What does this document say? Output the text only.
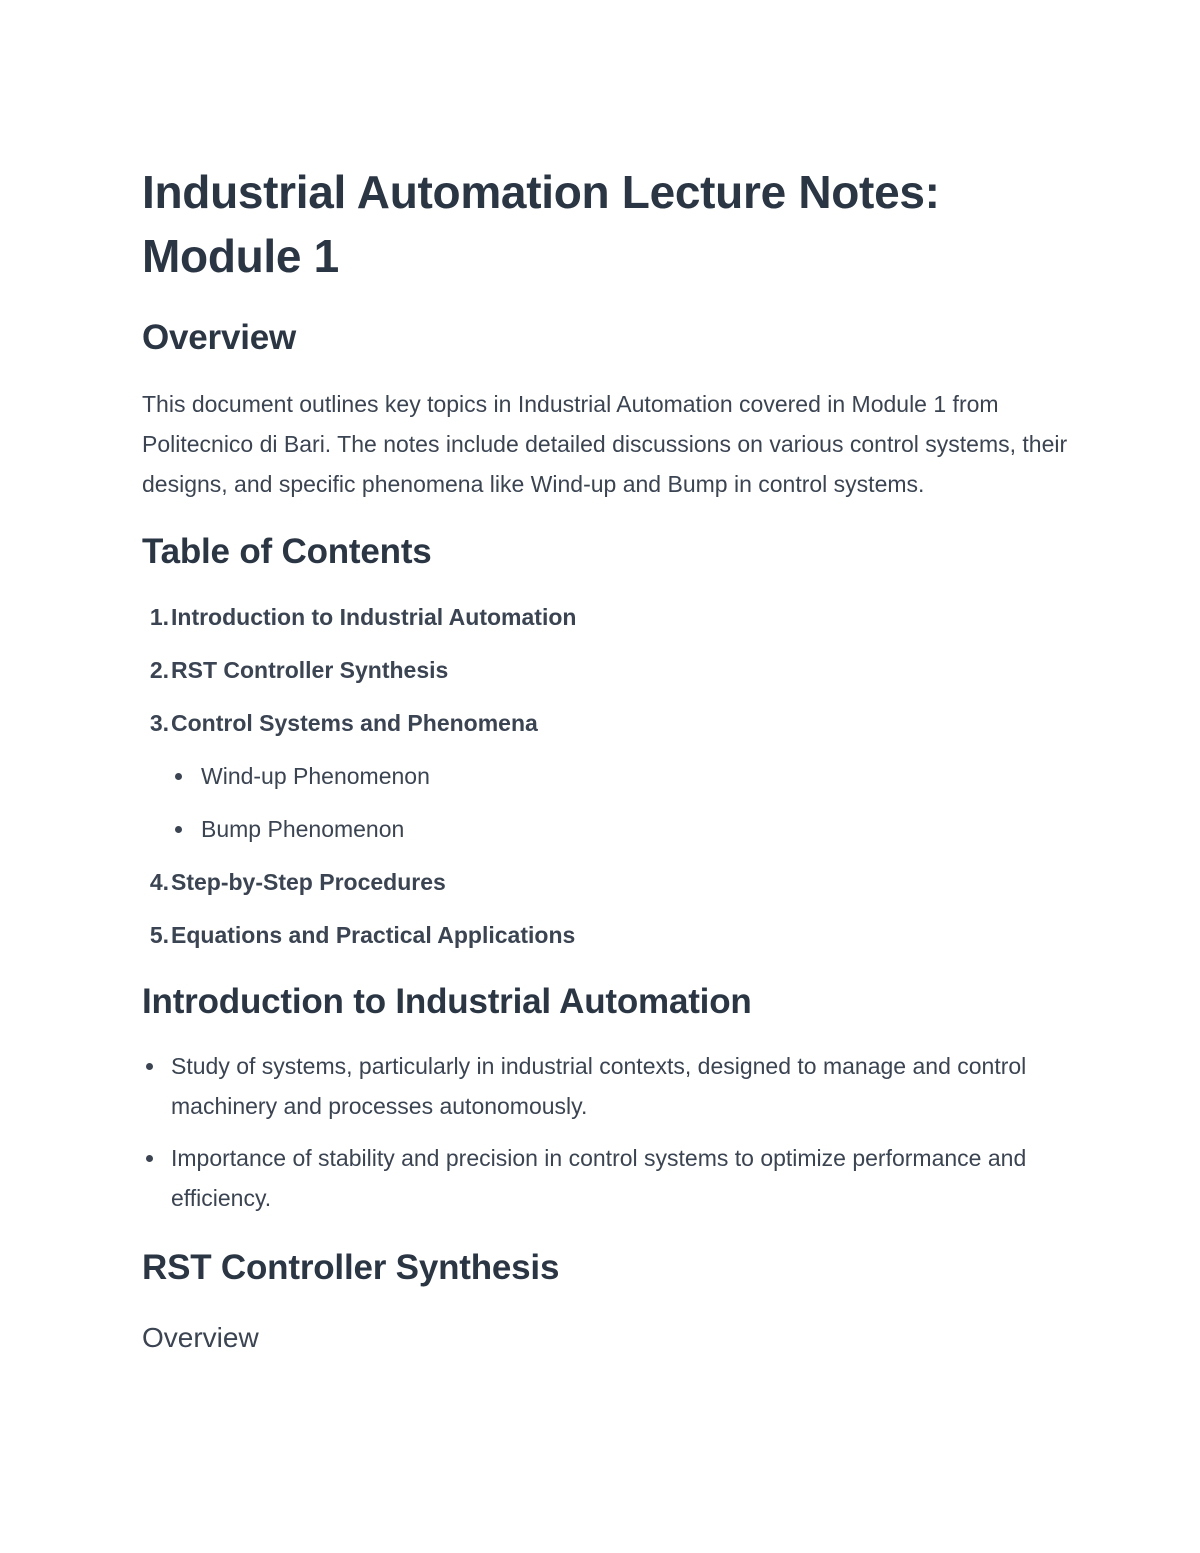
Industrial Automation Lecture Notes: Module 1
Overview

This document outlines key topics in Industrial Automation covered in Module 1 from Politecnico di Bari. The notes include detailed discussions on various control systems, their designs, and specific phenomena like Wind-up and Bump in control systems.

Table of Contents
1. Introduction to Industrial Automation
2. RST Controller Synthesis
3. Control Systems and Phenomena
Wind-up Phenomenon
Bump Phenomenon
4. Step-by-Step Procedures
5. Equations and Practical Applications
Introduction to Industrial Automation
Study of systems, particularly in industrial contexts, designed to manage and control machinery and processes autonomously.
Importance of stability and precision in control systems to optimize performance and efficiency.
RST Controller Synthesis
Overview
